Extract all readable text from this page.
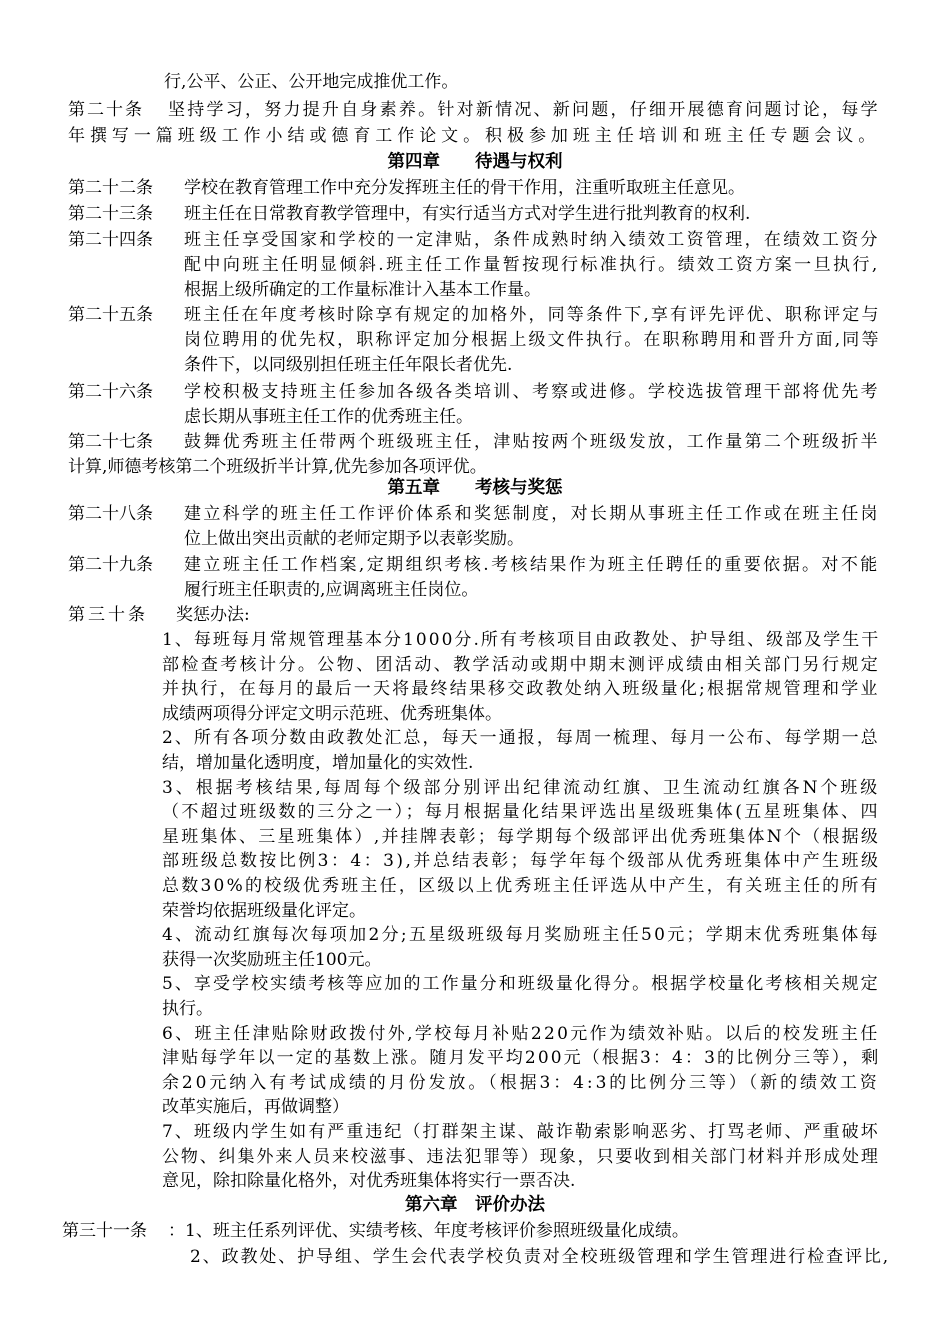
行,公平、公正、公开地完成推优工作。
第二十条 坚持学习，努力提升自身素养。针对新情况、新问题，仔细开展德育问题讨论，每学
年撰写一篇班级工作小结或德育工作论文。积极参加班主任培训和班主任专题会议。
第四章　　待遇与权利
第二十二条 学校在教育管理工作中充分发挥班主任的骨干作用，注重听取班主任意见。
第二十三条 班主任在日常教育教学管理中，有实行适当方式对学生进行批判教育的权利.
第二十四条 班主任享受国家和学校的一定津贴，条件成熟时纳入绩效工资管理，在绩效工资分
配中向班主任明显倾斜.班主任工作量暂按现行标准执行。绩效工资方案一旦执行,
根据上级所确定的工作量标准计入基本工作量。
第二十五条 班主任在年度考核时除享有规定的加格外，同等条件下,享有评先评优、职称评定与
岗位聘用的优先权，职称评定加分根据上级文件执行。在职称聘用和晋升方面,同等
条件下，以同级别担任班主任年限长者优先.
第二十六条 学校积极支持班主任参加各级各类培训、考察或进修。学校选拔管理干部将优先考
虑长期从事班主任工作的优秀班主任。
第二十七条 鼓舞优秀班主任带两个班级班主任，津贴按两个班级发放，工作量第二个班级折半
计算,师德考核第二个班级折半计算,优先参加各项评优。
第五章　　考核与奖惩
第二十八条 建立科学的班主任工作评价体系和奖惩制度，对长期从事班主任工作或在班主任岗
位上做出突出贡献的老师定期予以表彰奖励。
第二十九条 建立班主任工作档案,定期组织考核.考核结果作为班主任聘任的重要依据。对不能
履行班主任职责的,应调离班主任岗位。
第三十条 奖惩办法:
1、每班每月常规管理基本分1000分.所有考核项目由政教处、护导组、级部及学生干
部检查考核计分。公物、团活动、教学活动或期中期末测评成绩由相关部门另行规定
并执行，在每月的最后一天将最终结果移交政教处纳入班级量化;根据常规管理和学业
成绩两项得分评定文明示范班、优秀班集体。
2、所有各项分数由政教处汇总，每天一通报，每周一梳理、每月一公布、每学期一总
结，增加量化透明度，增加量化的实效性.
3、根据考核结果,每周每个级部分别评出纪律流动红旗、卫生流动红旗各N个班级
（不超过班级数的三分之一）；每月根据量化结果评选出星级班集体(五星班集体、四
星班集体、三星班集体）,并挂牌表彰；每学期每个级部评出优秀班集体N个（根据级
部班级总数按比例3：4：3),并总结表彰；每学年每个级部从优秀班集体中产生班级
总数30%的校级优秀班主任，区级以上优秀班主任评选从中产生，有关班主任的所有
荣誉均依据班级量化评定。
4、流动红旗每次每项加2分;五星级班级每月奖励班主任50元；学期末优秀班集体每
获得一次奖励班主任100元。
5、享受学校实绩考核等应加的工作量分和班级量化得分。根据学校量化考核相关规定
执行。
6、班主任津贴除财政拨付外,学校每月补贴220元作为绩效补贴。以后的校发班主任
津贴每学年以一定的基数上涨。随月发平均200元（根据3：4：3的比例分三等），剩
余20元纳入有考试成绩的月份发放。（根据3：4:3的比例分三等）（新的绩效工资
改革实施后，再做调整）
7、班级内学生如有严重违纪（打群架主谋、敲诈勒索影响恶劣、打骂老师、严重破坏
公物、纠集外来人员来校滋事、违法犯罪等）现象，只要收到相关部门材料并形成处理
意见，除扣除量化格外，对优秀班集体将实行一票否决.
第六章　评价办法
第三十一条 ：1、班主任系列评优、实绩考核、年度考核评价参照班级量化成绩。
2、政教处、护导组、学生会代表学校负责对全校班级管理和学生管理进行检查评比,
